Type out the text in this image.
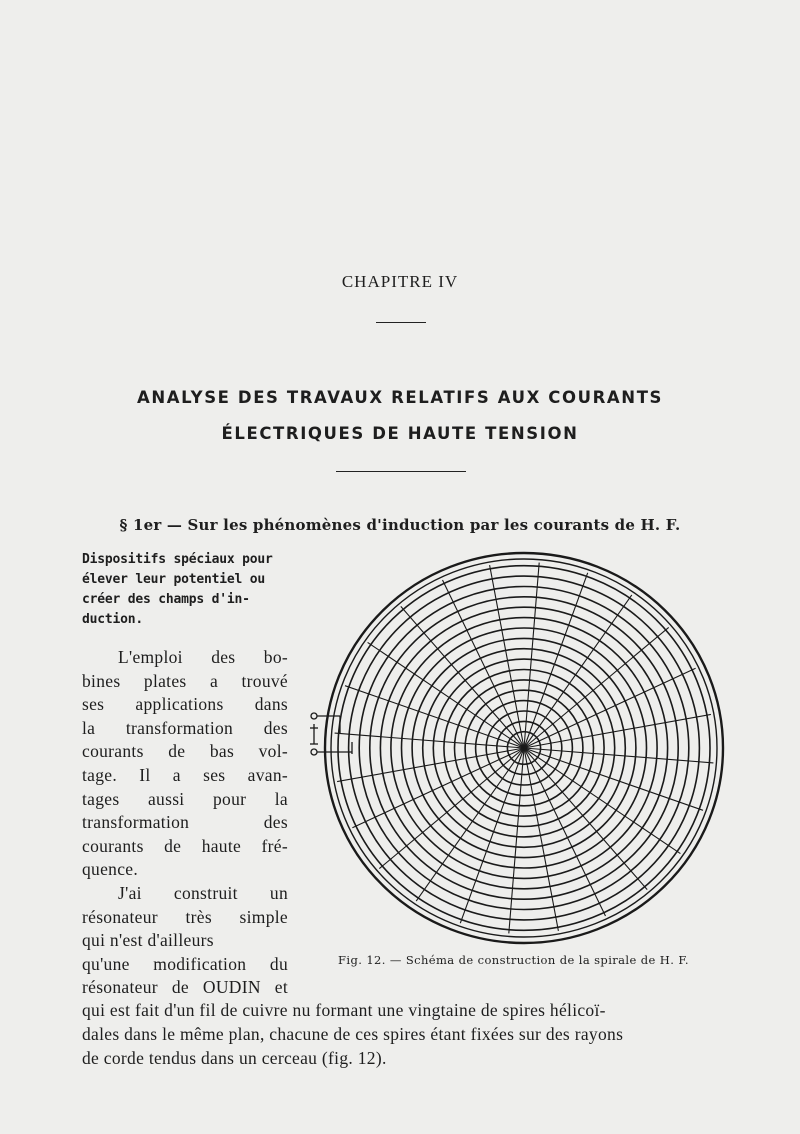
CHAPITRE IV
ANALYSE DES TRAVAUX RELATIFS AUX COURANTS
ÉLECTRIQUES DE HAUTE TENSION
§ 1er — Sur les phénomènes d'induction par les courants de H. F.
Dispositifs spéciaux pour
élever leur potentiel ou
créer des champs d'in-
duction.
L'emploi des bo-
bines plates a trouvé
ses applications dans
la transformation des
courants de bas vol-
tage. Il a ses avan-
tages aussi pour la
transformation des
courants de haute fré-
quence.
J'ai construit un
résonateur très simple
qui n'est d'ailleurs
qu'une modification du
résonateur de OUDIN et
Fig. 12. — Schéma de construction de la spirale de H. F.
qui est fait d'un fil de cuivre nu formant une vingtaine de spires hélicoï-
dales dans le même plan, chacune de ces spires étant fixées sur des rayons
de corde tendus dans un cerceau (fig. 12).
